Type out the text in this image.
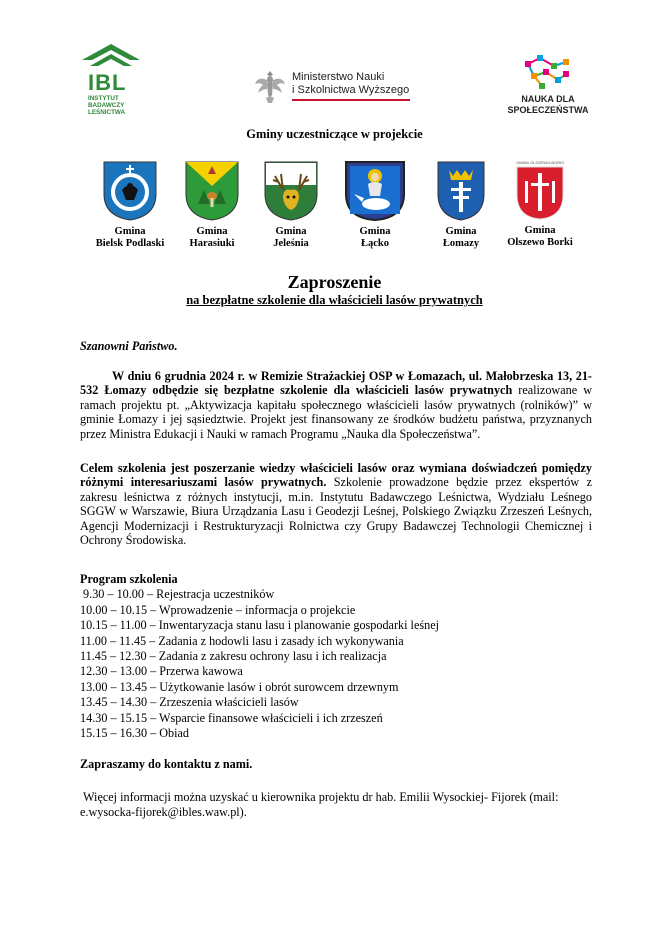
IBL
INSTYTUT
BADAWCZY
LEŚNICTWA
Ministerstwo Nauki
i Szkolnictwa Wyższego
NAUKA DLA
SPOŁECZEŃSTWA
Gminy uczestniczące w projekcie
Gmina
Bielsk Podlaski
Gmina
Harasiuki
Gmina
Jeleśnia
Gmina
Łącko
Gmina
Łomazy
GMINA OLSZEWO-BORKI
Gmina
Olszewo Borki
Zaproszenie
na bezpłatne szkolenie dla właścicieli lasów prywatnych
Szanowni Państwo.
W dniu 6 grudnia 2024 r. w Remizie Strażackiej OSP w Łomazach, ul. Małobrzeska 13, 21-532 Łomazy odbędzie się bezpłatne szkolenie dla właścicieli lasów prywatnych realizowane w ramach projektu pt. „Aktywizacja kapitału społecznego właścicieli lasów prywatnych (rolników)” w gminie Łomazy i jej sąsiedztwie. Projekt jest finansowany ze środków budżetu państwa, przyznanych przez Ministra Edukacji i Nauki w ramach Programu „Nauka dla Społeczeństwa”.
Celem szkolenia jest poszerzanie wiedzy właścicieli lasów oraz wymiana doświadczeń pomiędzy różnymi interesariuszami lasów prywatnych. Szkolenie prowadzone będzie przez ekspertów z zakresu leśnictwa z różnych instytucji, m.in. Instytutu Badawczego Leśnictwa, Wydziału Leśnego SGGW w Warszawie, Biura Urządzania Lasu i Geodezji Leśnej, Polskiego Związku Zrzeszeń Leśnych, Agencji Modernizacji i Restrukturyzacji Rolnictwa czy Grupy Badawczej Technologii Chemicznej i Ochrony Środowiska.
Program szkolenia
9.30 – 10.00 – Rejestracja uczestników
10.00 – 10.15 – Wprowadzenie – informacja o projekcie
10.15 – 11.00 – Inwentaryzacja stanu lasu i planowanie gospodarki leśnej
11.00 – 11.45 – Zadania z hodowli lasu i zasady ich wykonywania
11.45 – 12.30 – Zadania z zakresu ochrony lasu i ich realizacja
12.30 – 13.00 – Przerwa kawowa
13.00 – 13.45 – Użytkowanie lasów i obrót surowcem drzewnym
13.45 – 14.30 – Zrzeszenia właścicieli lasów
14.30 – 15.15 – Wsparcie finansowe właścicieli i ich zrzeszeń
15.15 – 16.30 – Obiad
Zapraszamy do kontaktu z nami.
Więcej informacji można uzyskać u kierownika projektu dr hab. Emilii Wysockiej- Fijorek (mail: e.wysocka-fijorek@ibles.waw.pl).
